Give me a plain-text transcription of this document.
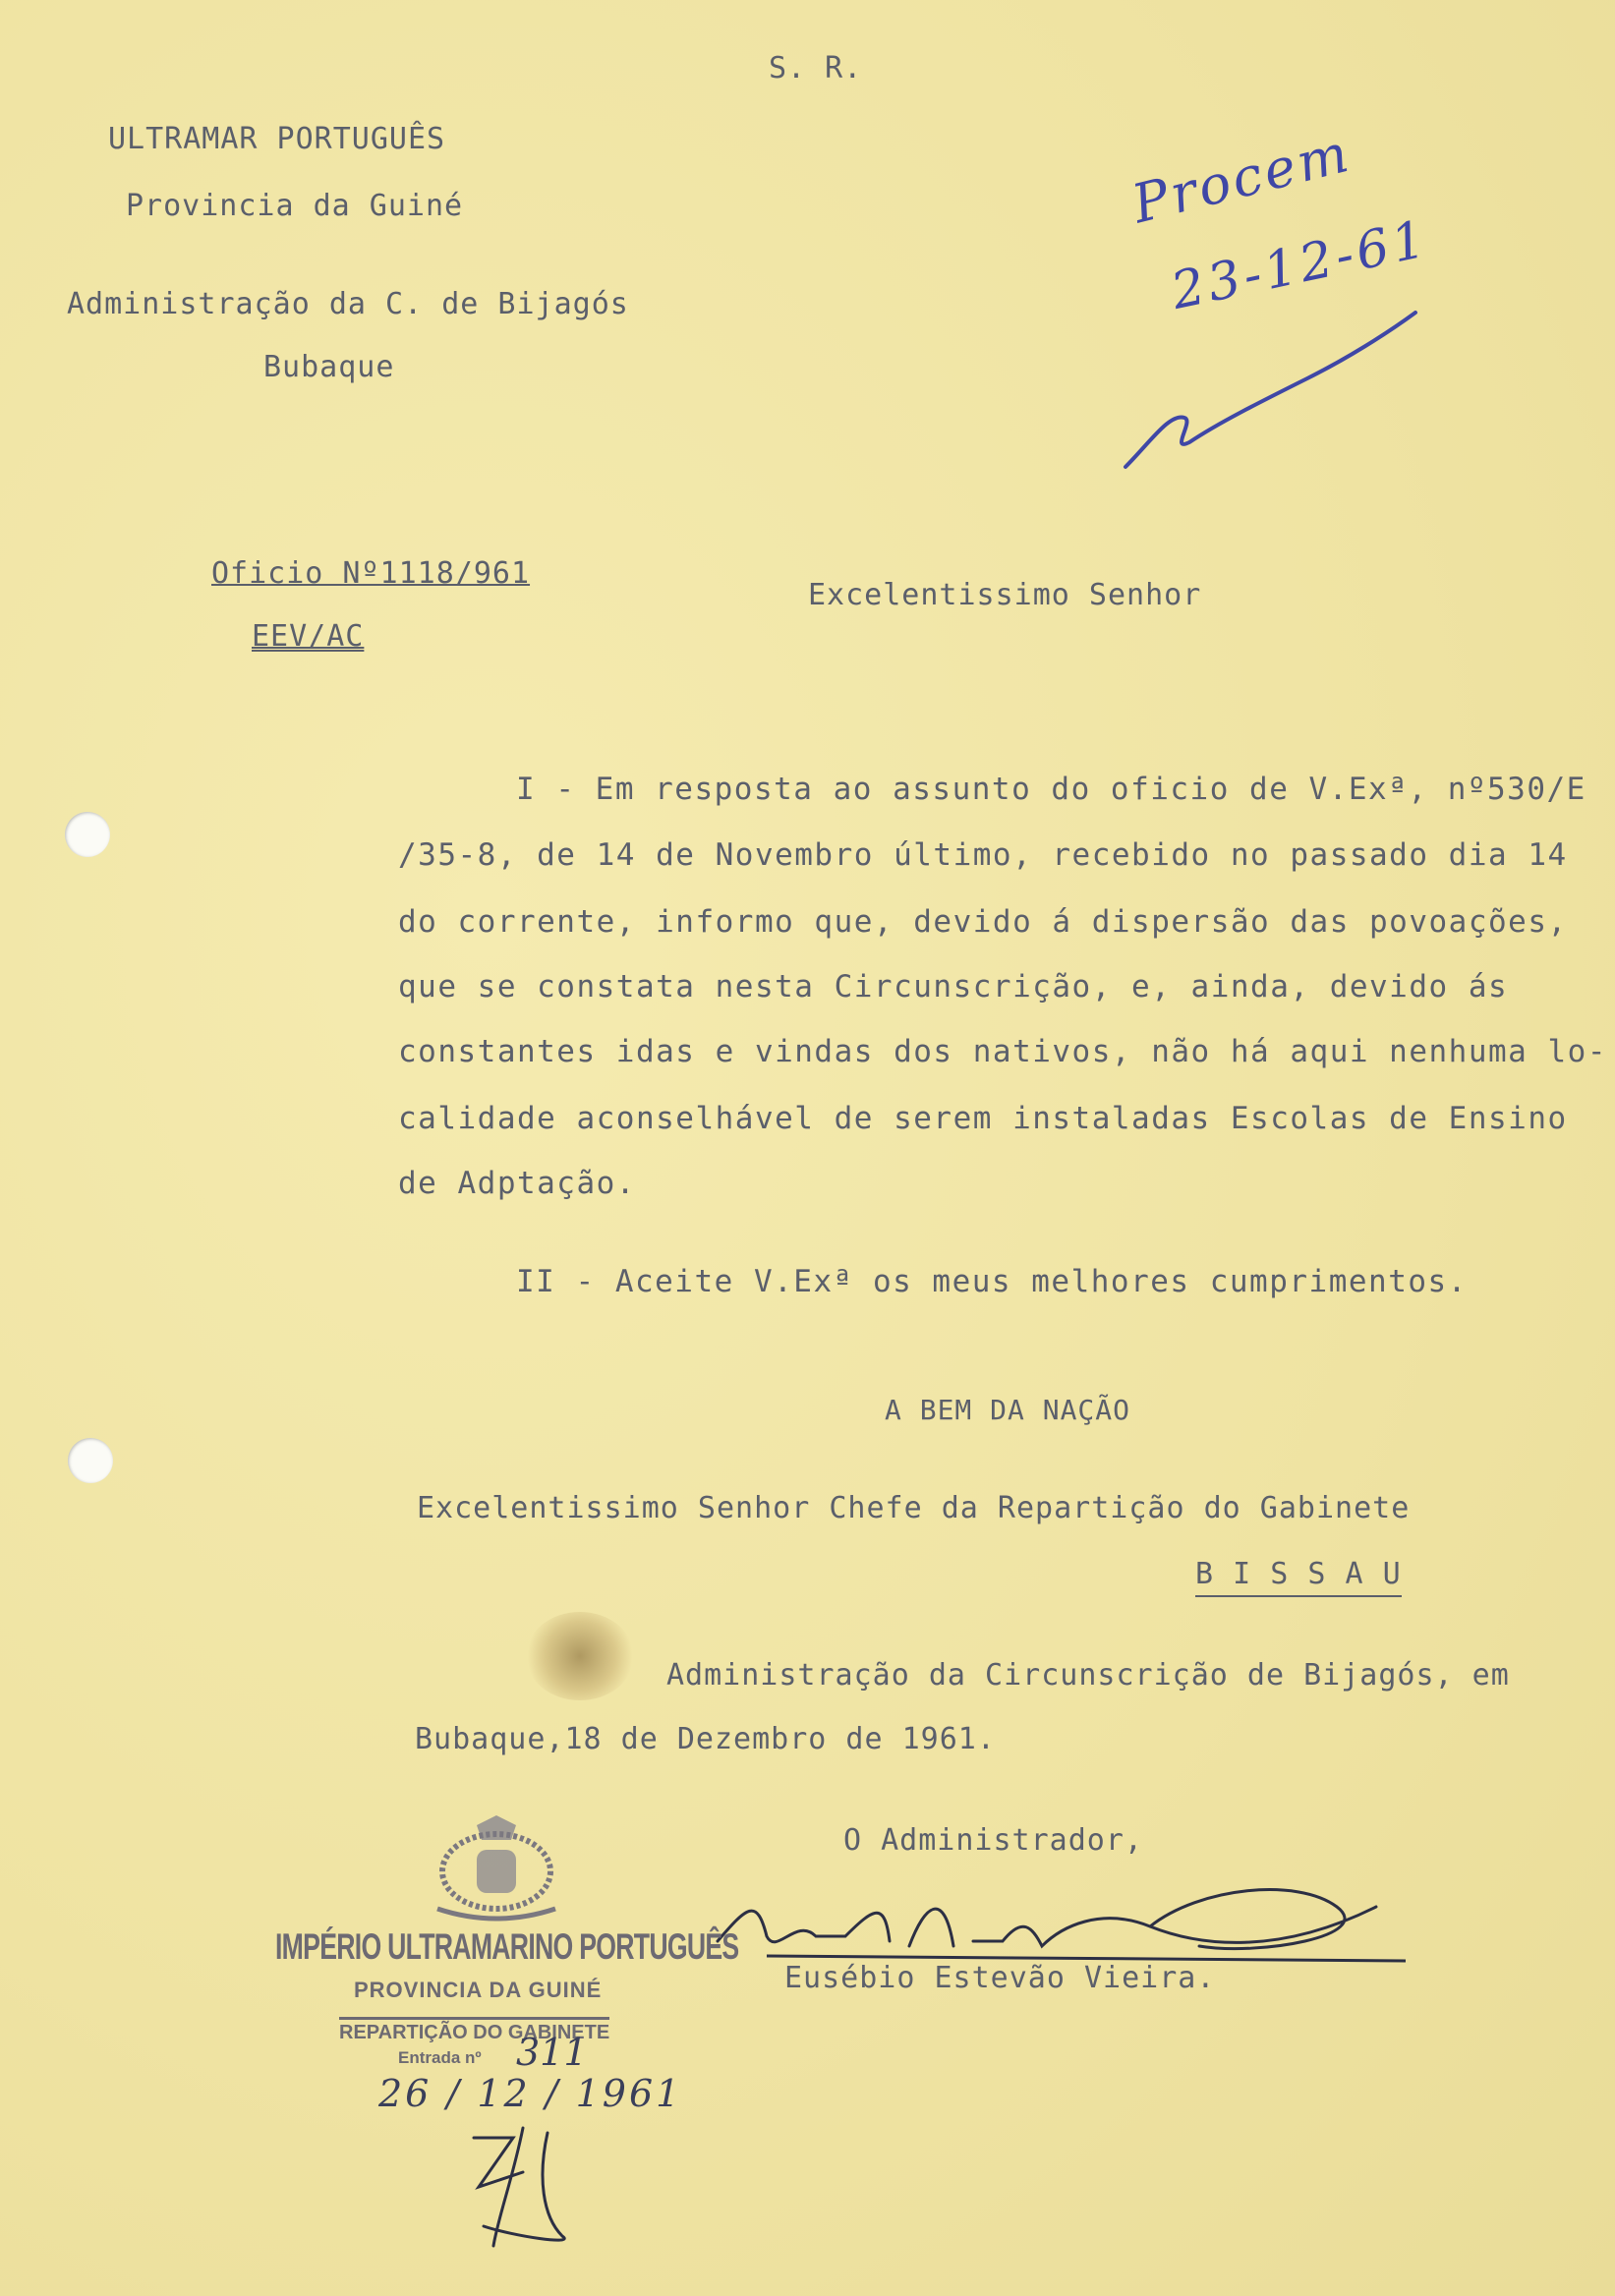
S. R.
ULTRAMAR PORTUGUÊS
Provincia da Guiné
Administração da C. de Bijagós
Bubaque
Procem
23-12-61
Oficio Nº1118/961
EEV/AC
Excelentissimo Senhor
I - Em resposta ao assunto do oficio de V.Exª, nº530/E
/35-8, de 14 de Novembro último, recebido no passado dia 14
do corrente, informo que, devido á dispersão das povoações,
que se constata nesta Circunscrição, e, ainda, devido ás
constantes idas e vindas dos nativos, não há aqui nenhuma lo-
calidade aconselhável de serem instaladas Escolas de Ensino
de Adptação.
II - Aceite V.Exª os meus melhores cumprimentos.
A BEM DA NAÇÃO
Excelentissimo Senhor Chefe da Repartição do Gabinete
B I S S A U
Administração da Circunscrição de Bijagós, em
Bubaque,18 de Dezembro de 1961.
O Administrador,
Eusébio Estevão Vieira.
IMPÉRIO ULTRAMARINO PORTUGUÊS
PROVINCIA DA GUINÉ
REPARTIÇÃO DO GABINETE
Entrada nº 311
26 / 12 / 1961
